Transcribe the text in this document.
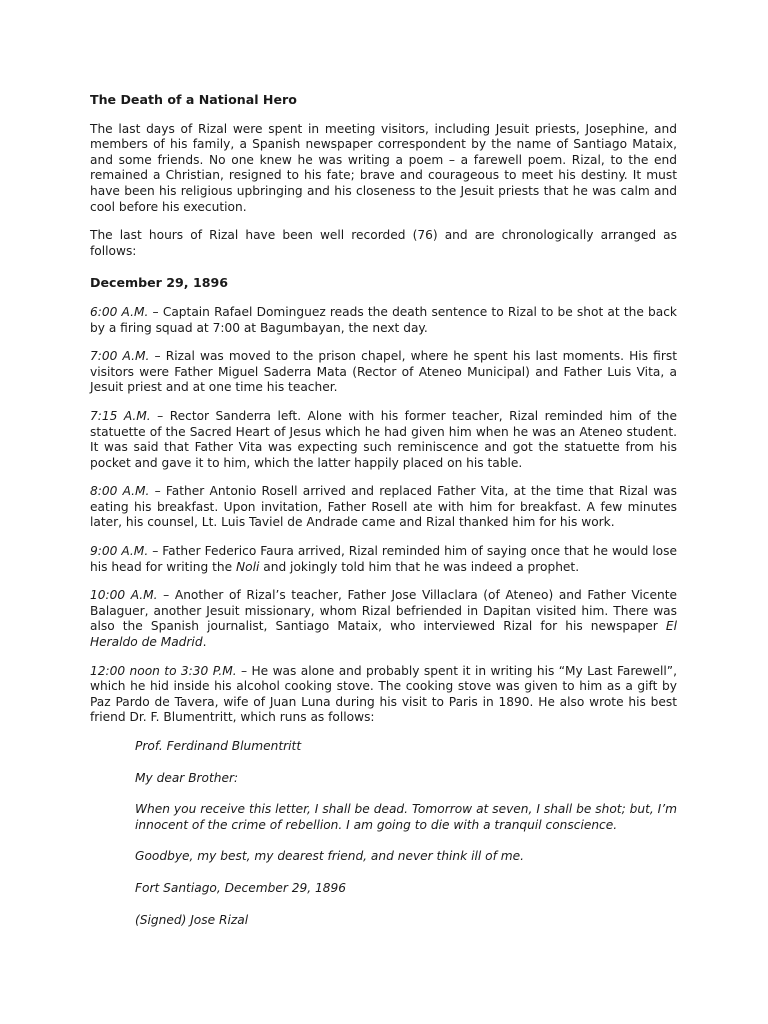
The Death of a National Hero

The last days of Rizal were spent in meeting visitors, including Jesuit priests, Josephine, and members of his family, a Spanish newspaper correspondent by the name of Santiago Mataix, and some friends. No one knew he was writing a poem – a farewell poem. Rizal, to the end remained a Christian, resigned to his fate; brave and courageous to meet his destiny. It must have been his religious upbringing and his closeness to the Jesuit priests that he was calm and cool before his execution.

The last hours of Rizal have been well recorded (76) and are chronologically arranged as follows:

December 29, 1896

6:00 A.M. – Captain Rafael Dominguez reads the death sentence to Rizal to be shot at the back by a firing squad at 7:00 at Bagumbayan, the next day.

7:00 A.M. – Rizal was moved to the prison chapel, where he spent his last moments. His first visitors were Father Miguel Saderra Mata (Rector of Ateneo Municipal) and Father Luis Vita, a Jesuit priest and at one time his teacher.

7:15 A.M. – Rector Sanderra left. Alone with his former teacher, Rizal reminded him of the statuette of the Sacred Heart of Jesus which he had given him when he was an Ateneo student. It was said that Father Vita was expecting such reminiscence and got the statuette from his pocket and gave it to him, which the latter happily placed on his table.

8:00 A.M. – Father Antonio Rosell arrived and replaced Father Vita, at the time that Rizal was eating his breakfast. Upon invitation, Father Rosell ate with him for breakfast. A few minutes later, his counsel, Lt. Luis Taviel de Andrade came and Rizal thanked him for his work.

9:00 A.M. – Father Federico Faura arrived, Rizal reminded him of saying once that he would lose his head for writing the Noli and jokingly told him that he was indeed a prophet.

10:00 A.M. – Another of Rizal’s teacher, Father Jose Villaclara (of Ateneo) and Father Vicente Balaguer, another Jesuit missionary, whom Rizal befriended in Dapitan visited him. There was also the Spanish journalist, Santiago Mataix, who interviewed Rizal for his newspaper El Heraldo de Madrid.

12:00 noon to 3:30 P.M. – He was alone and probably spent it in writing his “My Last Farewell”, which he hid inside his alcohol cooking stove. The cooking stove was given to him as a gift by Paz Pardo de Tavera, wife of Juan Luna during his visit to Paris in 1890. He also wrote his best friend Dr. F. Blumentritt, which runs as follows:

Prof. Ferdinand Blumentritt

My dear Brother:

When you receive this letter, I shall be dead. Tomorrow at seven, I shall be shot; but, I’m innocent of the crime of rebellion. I am going to die with a tranquil conscience.

Goodbye, my best, my dearest friend, and never think ill of me.

Fort Santiago, December 29, 1896

(Signed) Jose Rizal
